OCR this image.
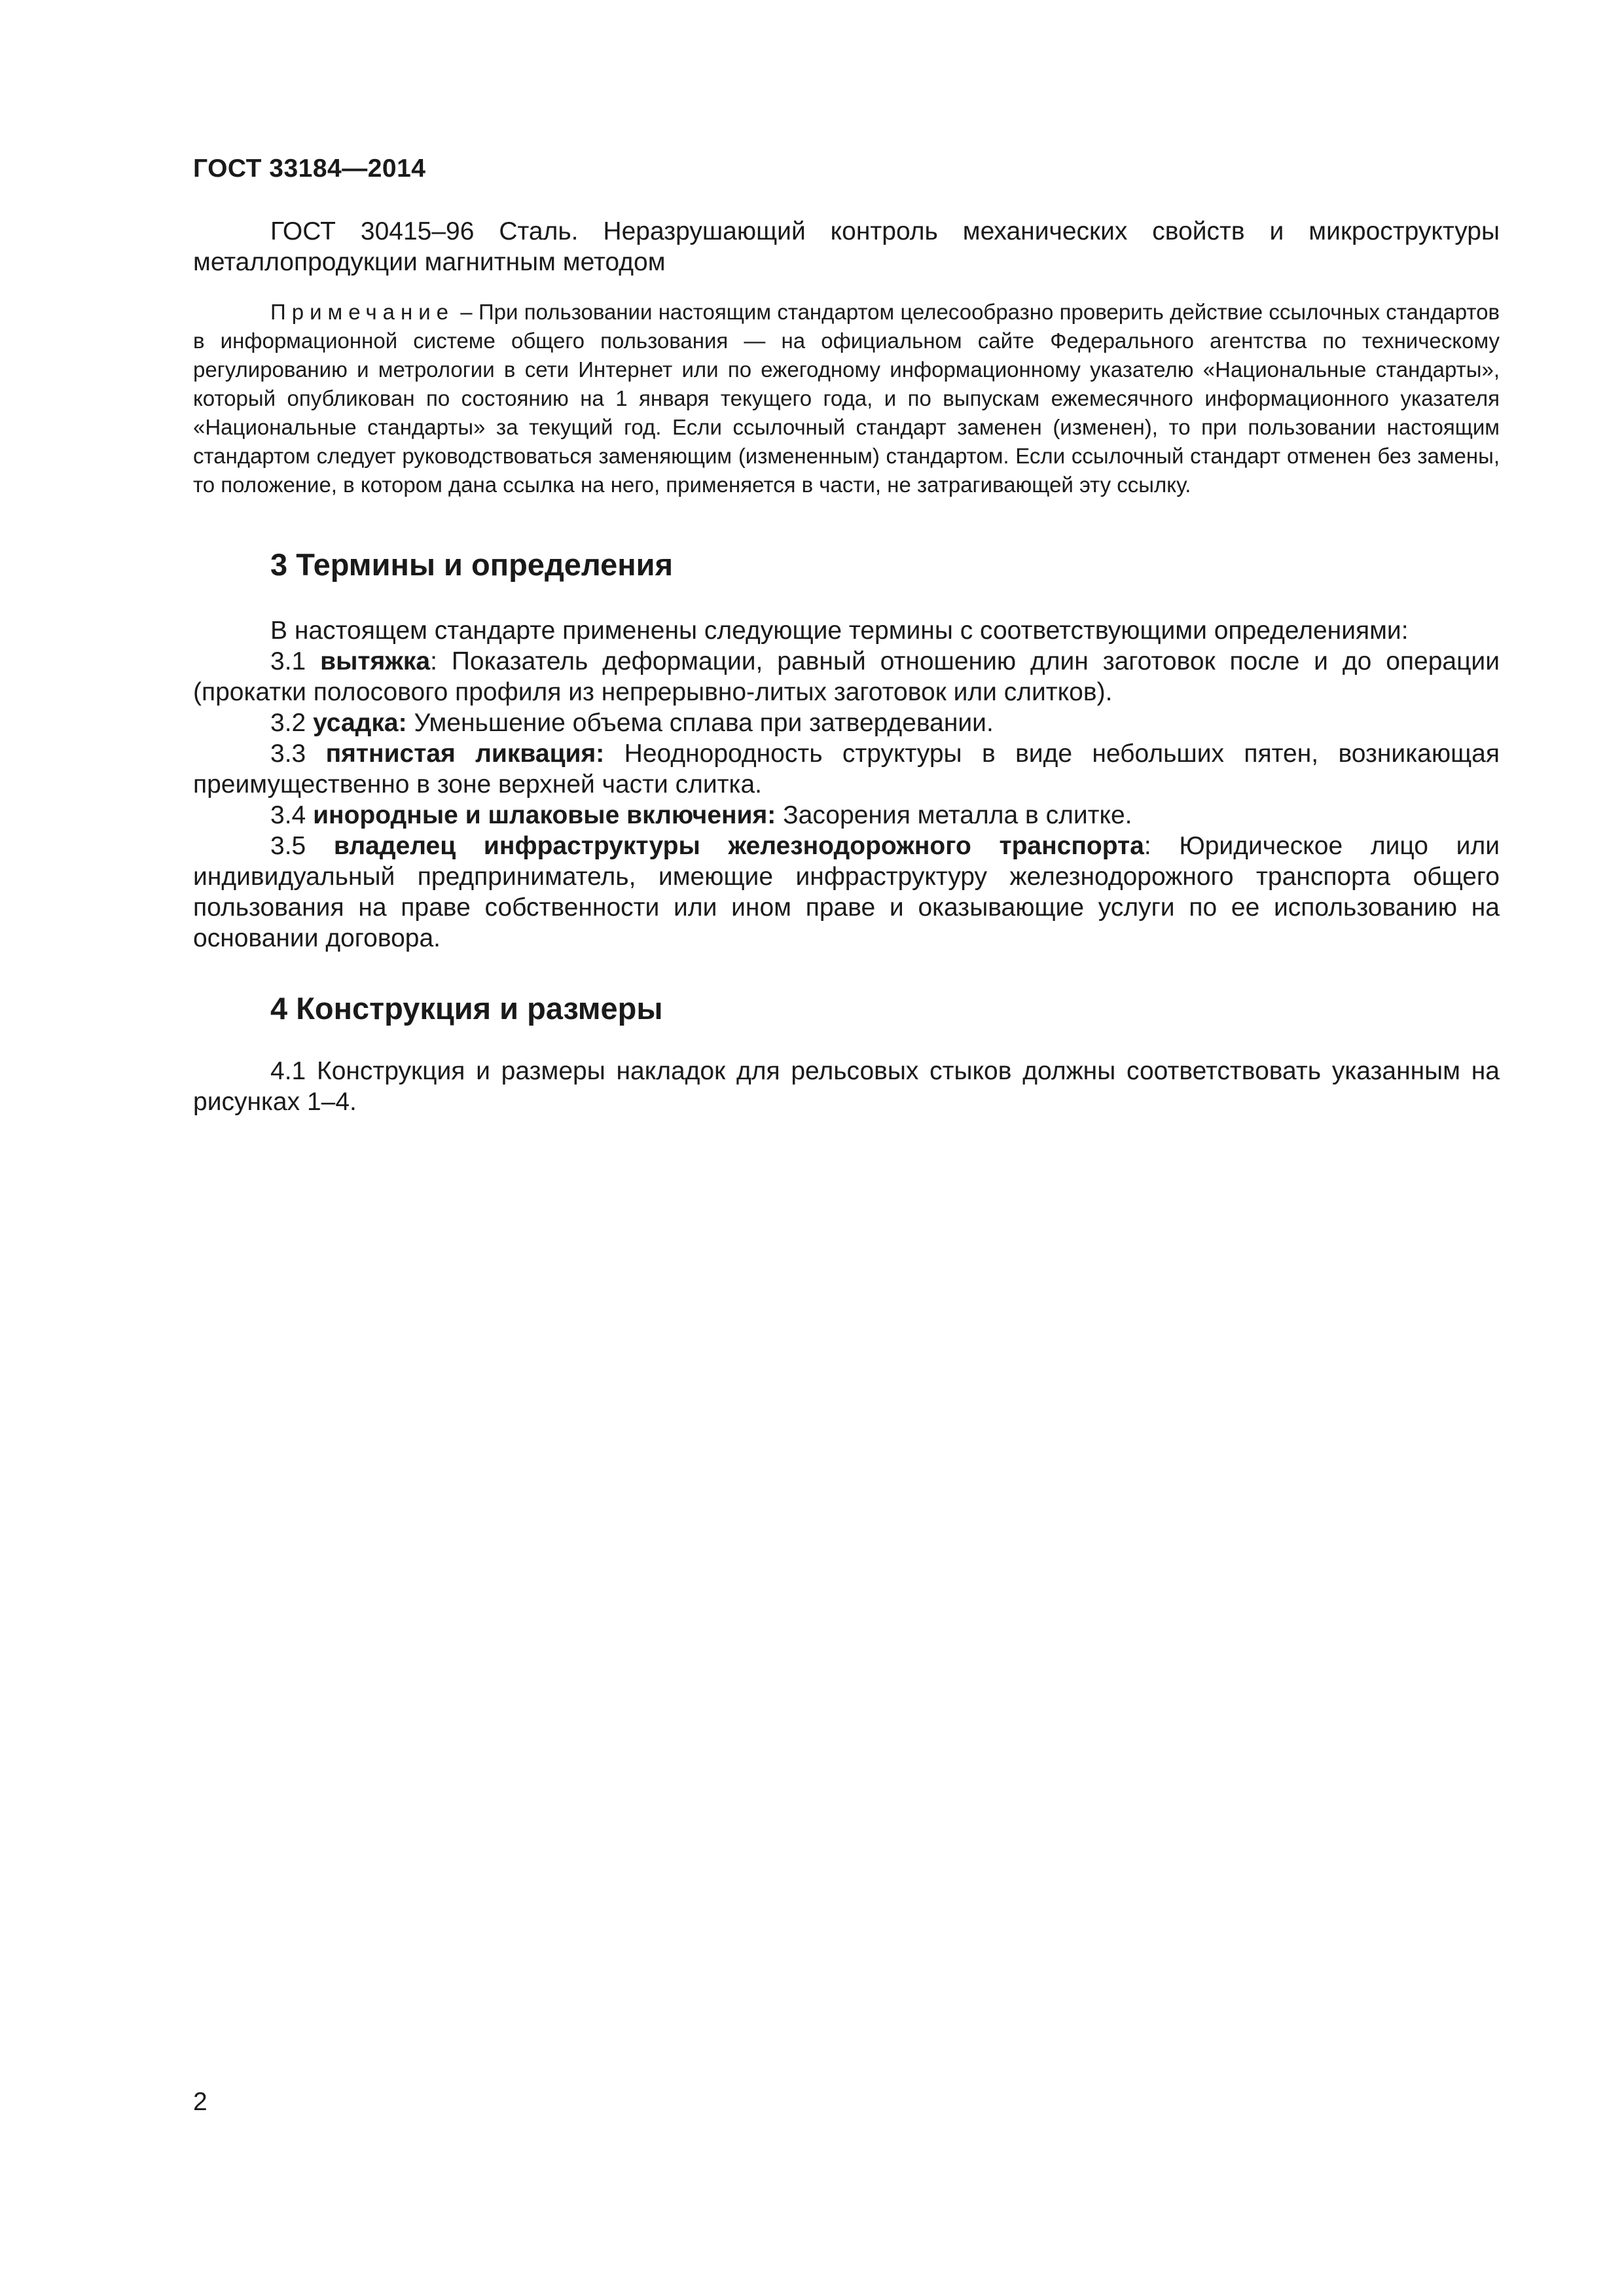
ГОСТ 33184—2014

ГОСТ 30415–96 Сталь. Неразрушающий контроль механических свойств и микроструктуры металлопродукции магнитным методом

Примечание – При пользовании настоящим стандартом целесообразно проверить действие ссылочных стандартов в информационной системе общего пользования — на официальном сайте Федерального агентства по техническому регулированию и метрологии в сети Интернет или по ежегодному информационному указателю «Национальные стандарты», который опубликован по состоянию на 1 января текущего года, и по выпускам ежемесячного информационного указателя «Национальные стандарты» за текущий год. Если ссылочный стандарт заменен (изменен), то при пользовании настоящим стандартом следует руководствоваться заменяющим (измененным) стандартом. Если ссылочный стандарт отменен без замены, то положение, в котором дана ссылка на него, применяется в части, не затрагивающей эту ссылку.

3 Термины и определения

В настоящем стандарте применены следующие термины с соответствующими определениями:

3.1 вытяжка: Показатель деформации, равный отношению длин заготовок после и до операции (прокатки полосового профиля из непрерывно-литых заготовок или слитков).

3.2 усадка: Уменьшение объема сплава при затвердевании.

3.3 пятнистая ликвация: Неоднородность структуры в виде небольших пятен, возникающая преимущественно в зоне верхней части слитка.

3.4 инородные и шлаковые включения: Засорения металла в слитке.

3.5 владелец инфраструктуры железнодорожного транспорта: Юридическое лицо или индивидуальный предприниматель, имеющие инфраструктуру железнодорожного транспорта общего пользования на праве собственности или ином праве и оказывающие услуги по ее использованию на основании договора.

4 Конструкция и размеры

4.1 Конструкция и размеры накладок для рельсовых стыков должны соответствовать указанным на рисунках 1–4.

2
